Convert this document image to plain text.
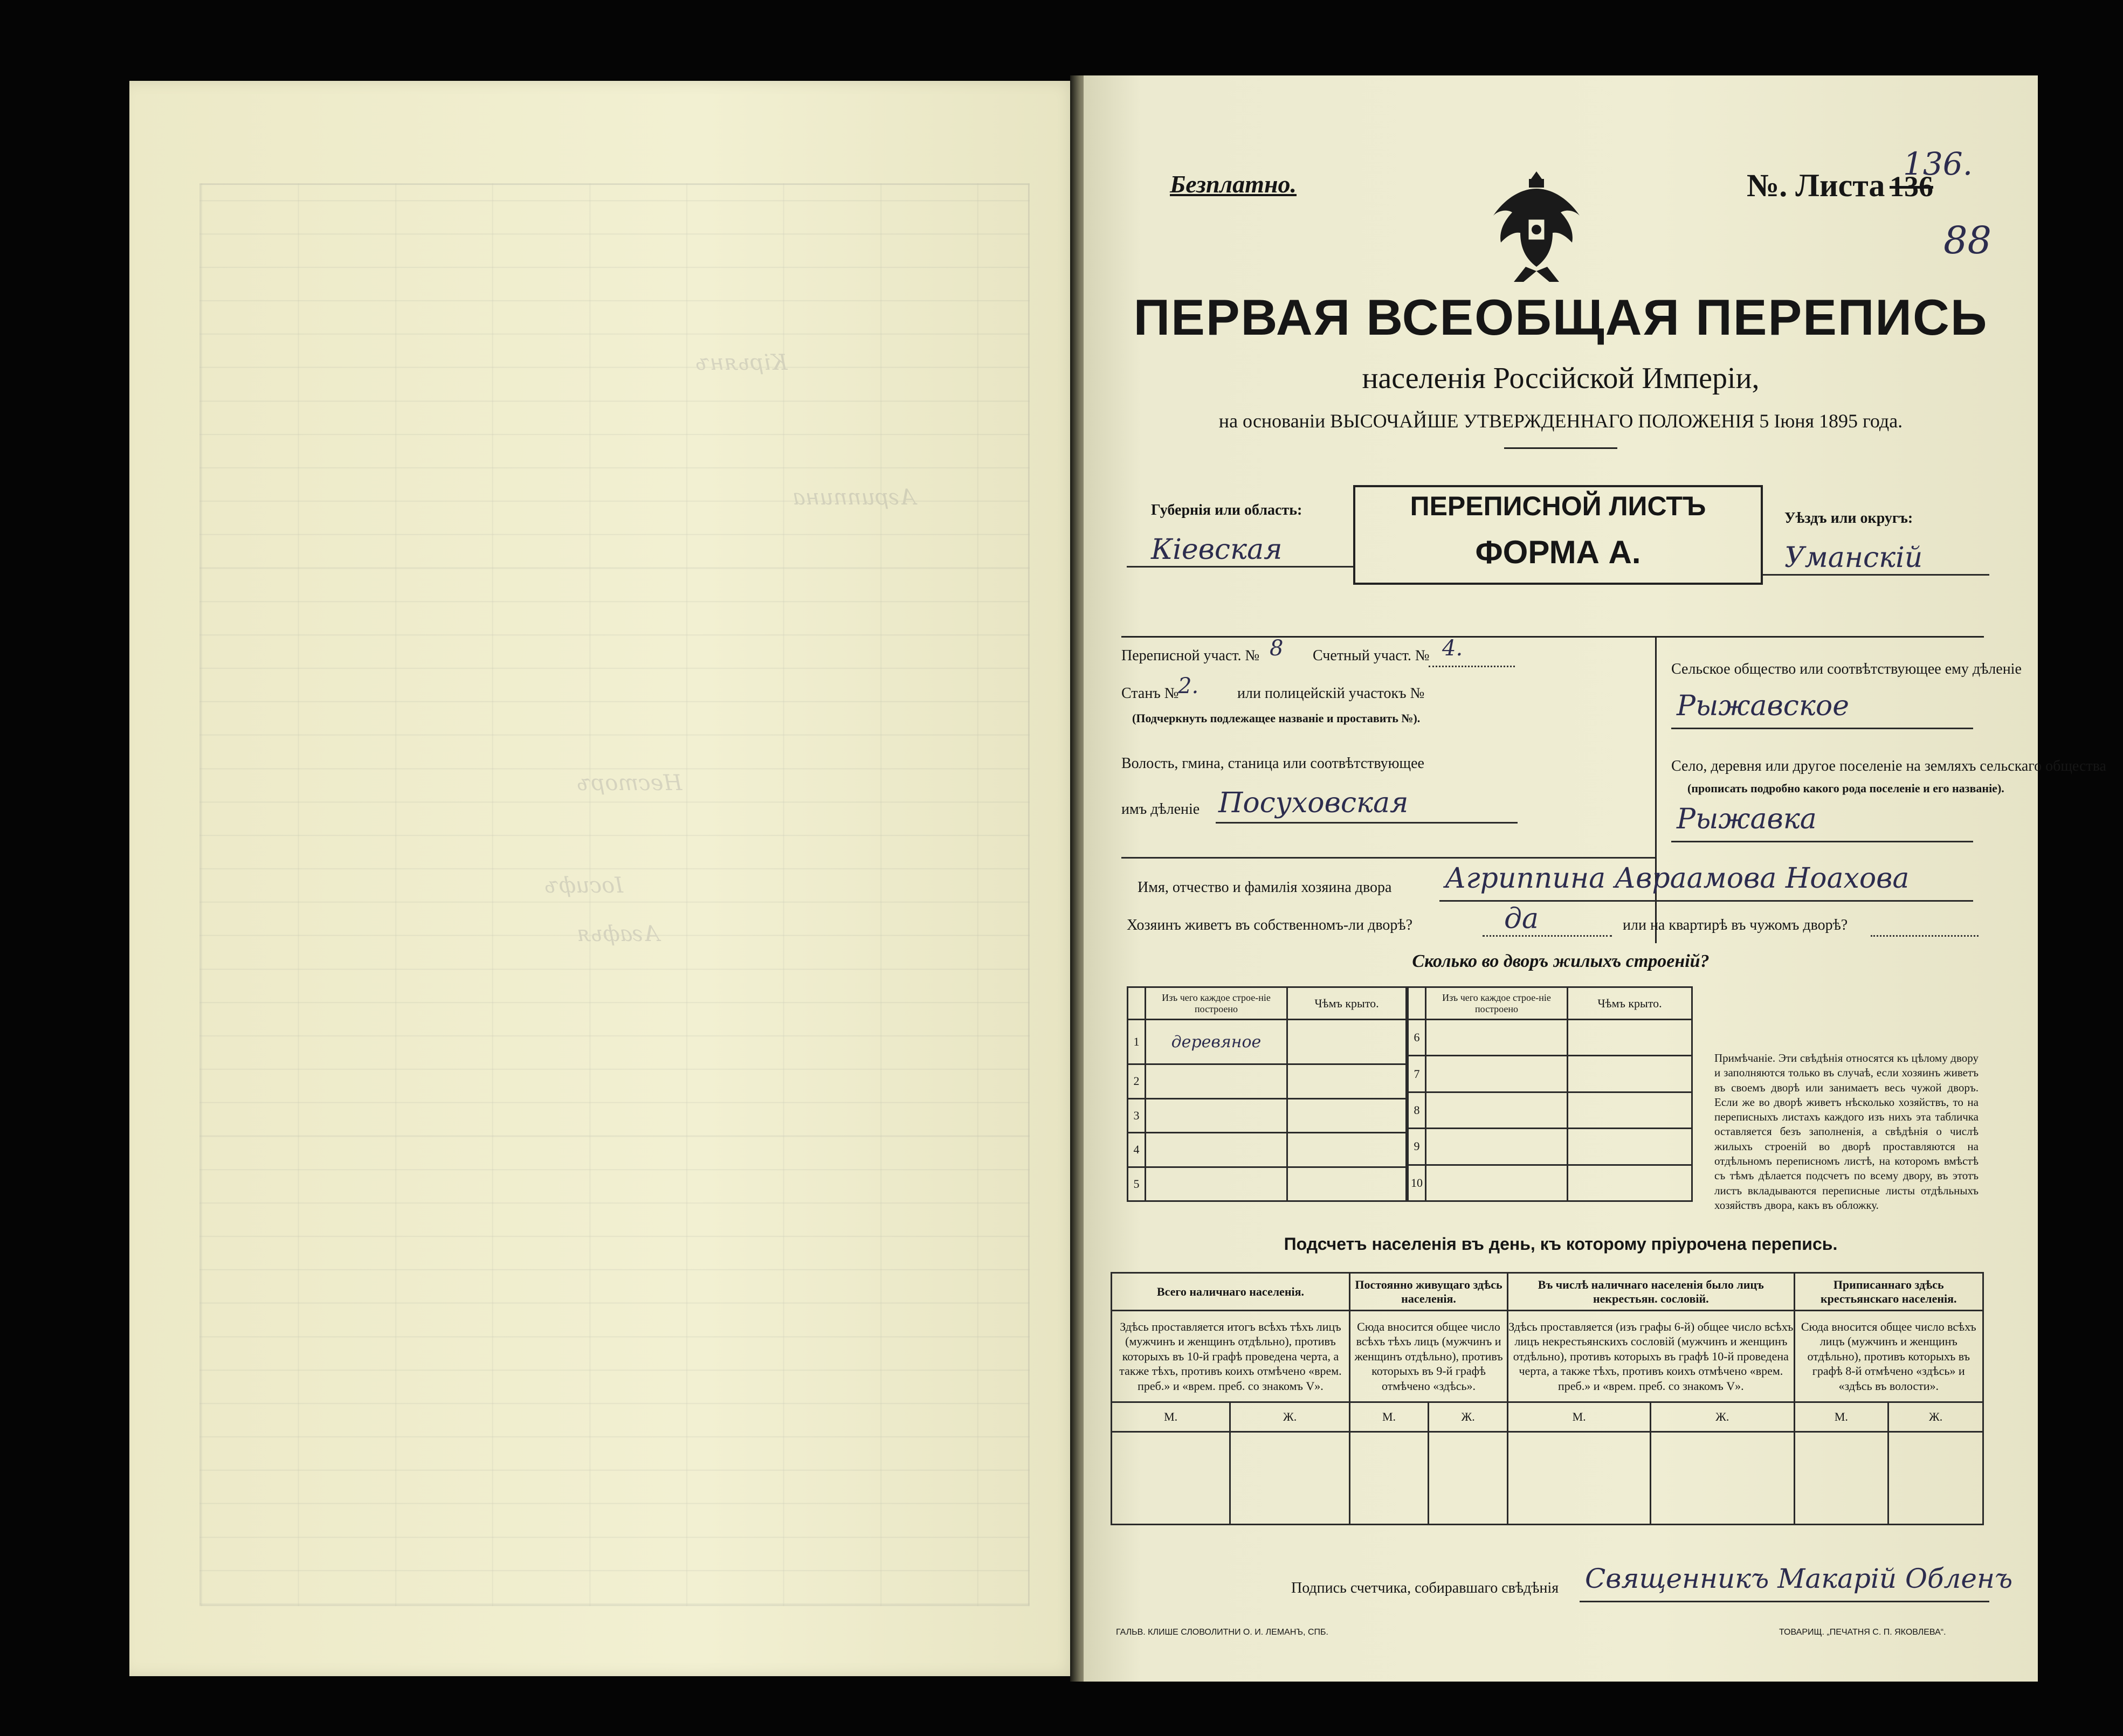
Кірьянъ
Агриппина
Несторъ
Іосифъ
Агафья
Безплатно.	№. Листа 136
136.
88
ПЕРВАЯ ВСЕОБЩАЯ ПЕРЕПИСЬ
населенія Россійской Имперіи,
на основаніи ВЫСОЧАЙШЕ УТВЕРЖДЕННАГО ПОЛОЖЕНІЯ 5 Іюня 1895 года.
Губернія или область:
Кіевская
ПЕРЕПИСНОЙ ЛИСТЪ
ФОРМА А.
Уѣздъ или округъ:
Уманскій
Переписной участ. № 8 Счетный участ. № 4.
Станъ №
2.	или полицейскій участокъ №
(Подчеркнуть подлежащее названіе и проставить №).
Волость, гмина, станица или соотвѣтствующее
имъ дѣленіе Посуховская
Сельское общество или соотвѣтствующее ему дѣленіе
Рыжавское
Село, деревня или другое поселеніе на земляхъ сельскаго общества
(прописать подробно какого рода поселеніе и его названіе).
Рыжавка
Имя, отчество и фамилія хозяина двора Агриппина Авраамова Ноахова
Хозяинъ живетъ въ собственномъ-ли дворѣ?	да	или на квартирѣ въ чужомъ дворѣ?
Сколько во дворъ жилыхъ строеній?
	Изъ чего каждое строе-ніе построено	Чѣмъ крыто.
1	деревяное	
2		
3		
4		
5		
	Изъ чего каждое строе-ніе построено	Чѣмъ крыто.
6		
7		
8		
9		
10		
Примѣчаніе. Эти свѣдѣнія относятся къ цѣлому двору и заполняются только въ случаѣ, если хозяинъ живетъ въ своемъ дворѣ или занимаетъ весь чужой дворъ. Если же во дворѣ живетъ нѣсколько хозяйствъ, то на переписныхъ листахъ каждого изъ нихъ эта табличка оставляется безъ заполненія, а свѣдѣнія о числѣ жилыхъ строеній во дворѣ проставляются на отдѣльномъ переписномъ листѣ, на которомъ вмѣстѣ съ тѣмъ дѣлается подсчетъ по всему двору, въ этотъ листъ вкладываются переписные листы отдѣльныхъ хозяйствъ двора, какъ въ обложку.
Подсчетъ населенія въ день, къ которому пріурочена перепись.
Всего наличнаго населенія.		Постоянно живущаго здѣсь населенія.		Въ числѣ наличнаго населенія было лицъ некрестьян. сословій.		Приписаннаго здѣсь крестьянскаго населенія.	
Здѣсь проставляется итогъ всѣхъ тѣхъ лицъ (мужчинъ и женщинъ отдѣльно), противъ которыхъ въ 10-й графѣ проведена черта, а также тѣхъ, противъ коихъ отмѣчено «врем. преб.» и «врем. преб. со знакомъ V».		Сюда вносится общее число всѣхъ тѣхъ лицъ (мужчинъ и женщинъ отдѣльно), противъ которыхъ въ 9-й графѣ отмѣчено «здѣсь».		Здѣсь проставляется (изъ графы 6-й) общее число всѣхъ лицъ некрестьянскихъ сословій (мужчинъ и женщинъ отдѣльно), противъ которыхъ въ графѣ 10-й проведена черта, а также тѣхъ, противъ коихъ отмѣчено «врем. преб.» и «врем. преб. со знакомъ V».		Сюда вносится общее число всѣхъ лицъ (мужчинъ и женщинъ отдѣльно), противъ которыхъ въ графѣ 8-й отмѣчено «здѣсь» и «здѣсь въ волости».	
М.	Ж.	М.	Ж.	М.	Ж.	М.	Ж.

Подпись счетчика, собиравшаго свѣдѣнія Священникъ Макарій Обленъ
ГАЛЬВ. КЛИШЕ СЛОВОЛИТНИ О. И. ЛЕМАНЪ, СПБ.	ТОВАРИЩ. „ПЕЧАТНЯ С. П. ЯКОВЛЕВА“.
